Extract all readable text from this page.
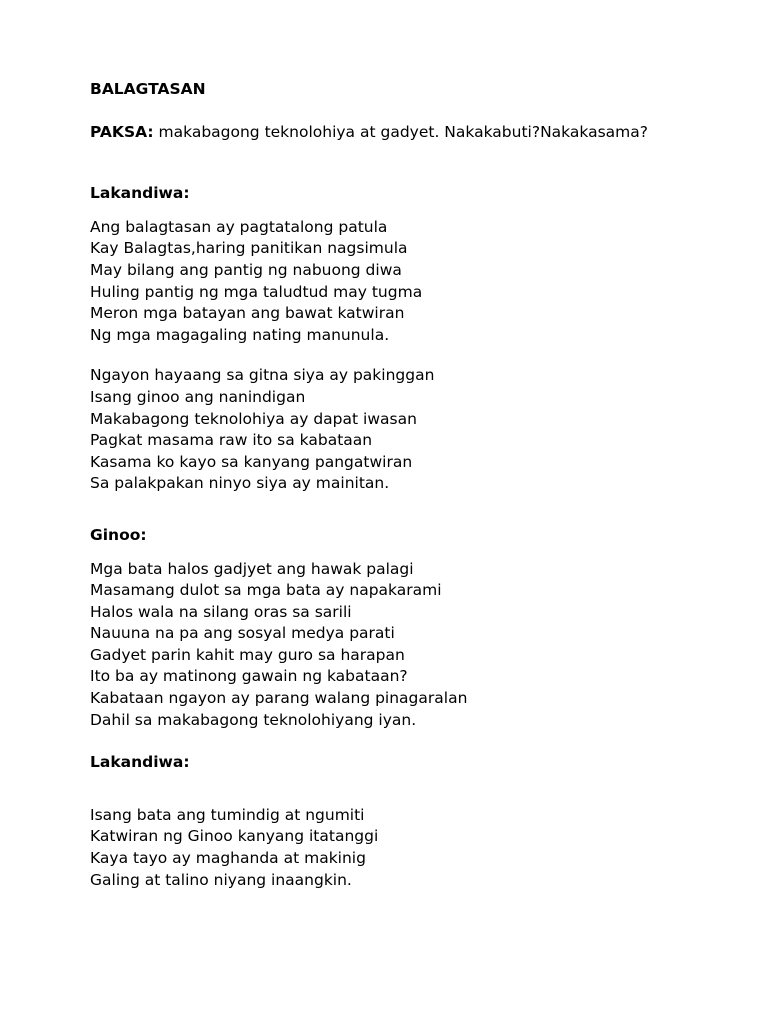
BALAGTASAN
PAKSA: makabagong teknolohiya at gadyet. Nakakabuti?Nakakasama?
Lakandiwa:
Ang balagtasan ay pagtatalong patula
Kay Balagtas,haring panitikan nagsimula
May bilang ang pantig ng nabuong diwa
Huling pantig ng mga taludtud may tugma
Meron mga batayan ang bawat katwiran
Ng mga magagaling nating manunula.
Ngayon hayaang sa gitna siya ay pakinggan
Isang ginoo ang nanindigan
Makabagong teknolohiya ay dapat iwasan
Pagkat masama raw ito sa kabataan
Kasama ko kayo sa kanyang pangatwiran
Sa palakpakan ninyo siya ay mainitan.
Ginoo:
Mga bata halos gadjyet ang hawak palagi
Masamang dulot sa mga bata ay napakarami
Halos wala na silang oras sa sarili
Nauuna na pa ang sosyal medya parati
Gadyet parin kahit may guro sa harapan
Ito ba ay matinong gawain ng kabataan?
Kabataan ngayon ay parang walang pinagaralan
Dahil sa makabagong teknolohiyang iyan.
Lakandiwa:
Isang bata ang tumindig at ngumiti
Katwiran ng Ginoo kanyang itatanggi
Kaya tayo ay maghanda at makinig
Galing at talino niyang inaangkin.
